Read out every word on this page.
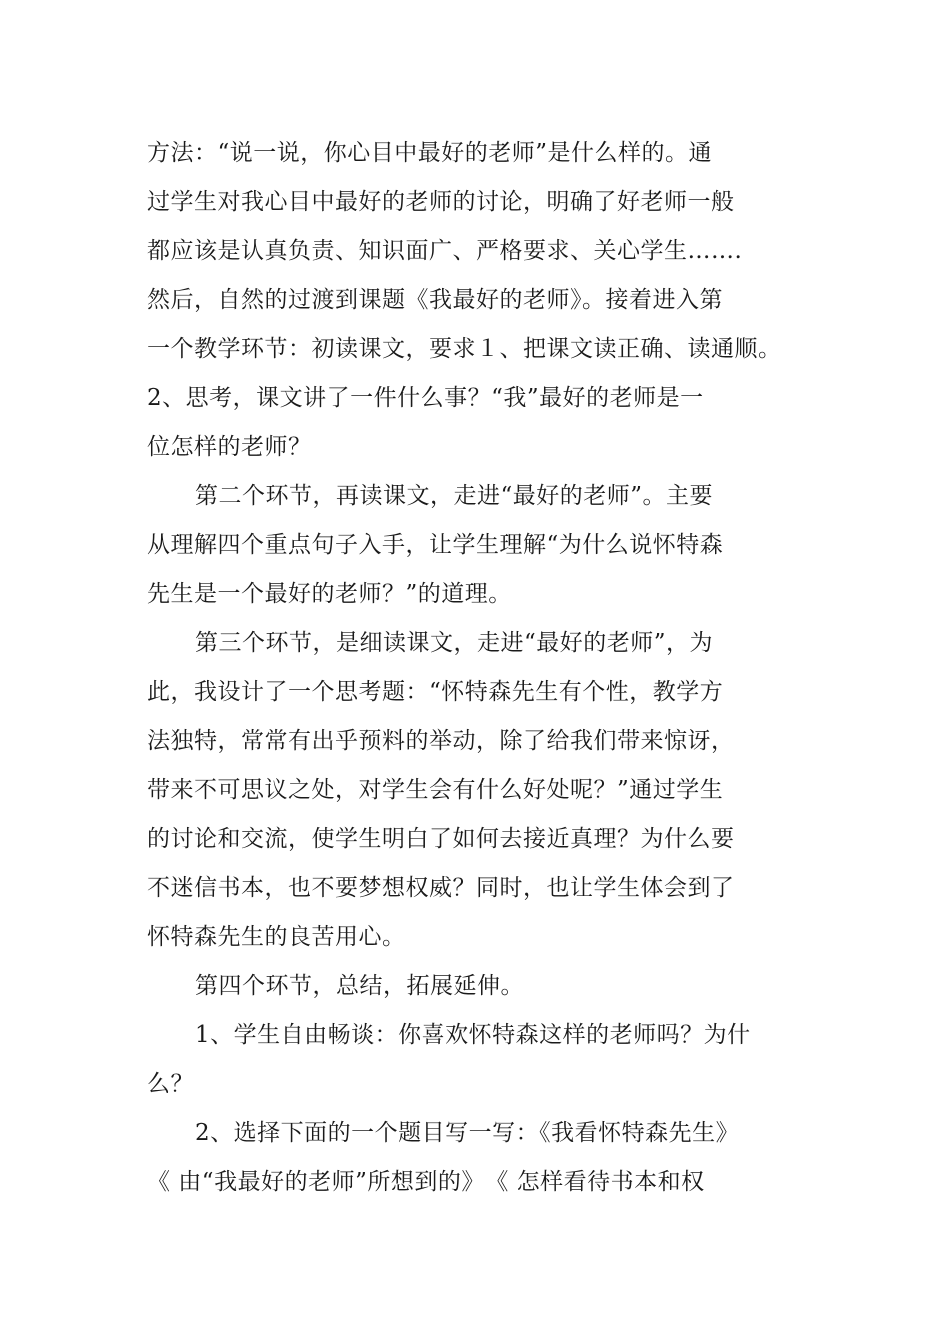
方法：“说一说，你心目中最好的老师”是什么样的。通
过学生对我心目中最好的老师的讨论，明确了好老师一般
都应该是认真负责、知识面广、严格要求、关心学生…….
然后，自然的过渡到课题《我最好的老师》。接着进入第
一个教学环节：初读课文，要求１、把课文读正确、读通顺。
2、思考，课文讲了一件什么事？“我”最好的老师是一
位怎样的老师？
第二个环节，再读课文，走进“最好的老师”。主要
从理解四个重点句子入手，让学生理解“为什么说怀特森
先生是一个最好的老师？”的道理。
第三个环节，是细读课文，走进“最好的老师”，为
此，我设计了一个思考题：“怀特森先生有个性，教学方
法独特，常常有出乎预料的举动，除了给我们带来惊讶，
带来不可思议之处，对学生会有什么好处呢？”通过学生
的讨论和交流，使学生明白了如何去接近真理？为什么要
不迷信书本，也不要梦想权威？同时，也让学生体会到了
怀特森先生的良苦用心。
第四个环节，总结，拓展延伸。
1、学生自由畅谈：你喜欢怀特森这样的老师吗？为什
么？
2、选择下面的一个题目写一写：《我看怀特森先生》
《 由“我最好的老师”所想到的》　《 怎样看待书本和权
